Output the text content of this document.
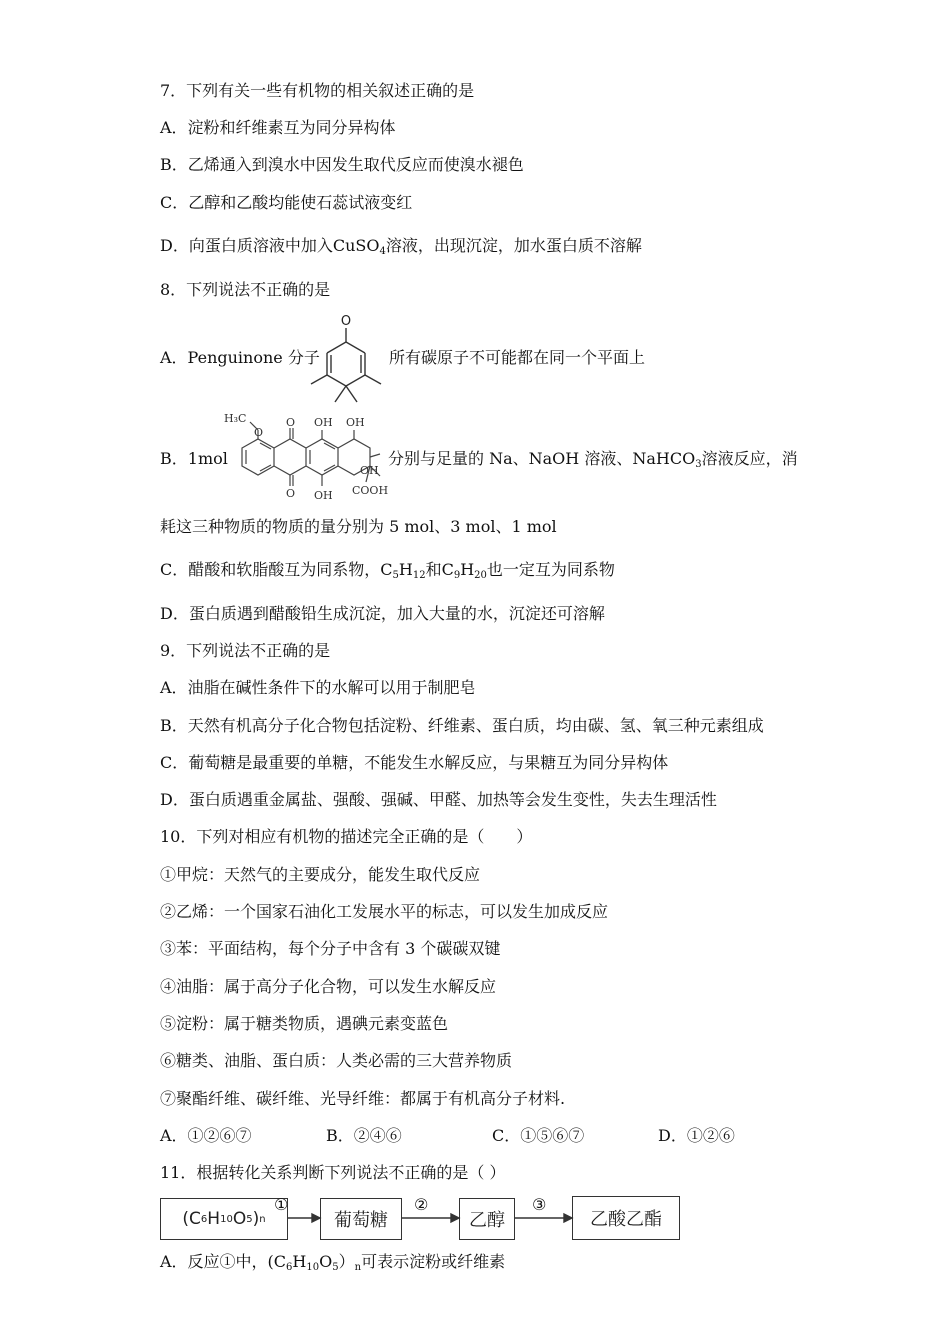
7．下列有关一些有机物的相关叙述正确的是
A．淀粉和纤维素互为同分异构体
B．乙烯通入到溴水中因发生取代反应而使溴水褪色
C．乙醇和乙酸均能使石蕊试液变红
D．向蛋白质溶液中加入CuSO$_4$溶液，出现沉淀，加水蛋白质不溶解
8．下列说法不正确的是
A．Penguinone 分子
O
所有碳原子不可能都在同一个平面上
B．1mol
H₃C
O
O
O
OH OH
OH
OH COOH
分别与足量的 Na、NaOH 溶液、NaHCO$_3$溶液反应，消
耗这三种物质的物质的量分别为 5 mol、3 mol、1 mol
C．醋酸和软脂酸互为同系物，$C_5H_{12}$和$C_9H_{20}$也一定互为同系物
D．蛋白质遇到醋酸铅生成沉淀，加入大量的水，沉淀还可溶解
9．下列说法不正确的是
A．油脂在碱性条件下的水解可以用于制肥皂
B．天然有机高分子化合物包括淀粉、纤维素、蛋白质，均由碳、氢、氧三种元素组成
C．葡萄糖是最重要的单糖，不能发生水解反应，与果糖互为同分异构体
D．蛋白质遇重金属盐、强酸、强碱、甲醛、加热等会发生变性，失去生理活性
10．下列对相应有机物的描述完全正确的是（　　）
①甲烷：天然气的主要成分，能发生取代反应
②乙烯：一个国家石油化工发展水平的标志，可以发生加成反应
③苯：平面结构，每个分子中含有 3 个碳碳双键
④油脂：属于高分子化合物，可以发生水解反应
⑤淀粉：属于糖类物质，遇碘元素变蓝色
⑥糖类、油脂、蛋白质：人类必需的三大营养物质
⑦聚酯纤维、碳纤维、光导纤维：都属于有机高分子材料.
A．①②⑥⑦	B．②④⑥	C．①⑤⑥⑦	D．①②⑥
11．根据转化关系判断下列说法不正确的是（ ）
(C 6 H 10 O 5 ) n	葡萄糖	乙醇	乙酸乙酯
①	②	③
A．反应①中，$(C_6H_{10}O_5)_n$可表示淀粉或纤维素
